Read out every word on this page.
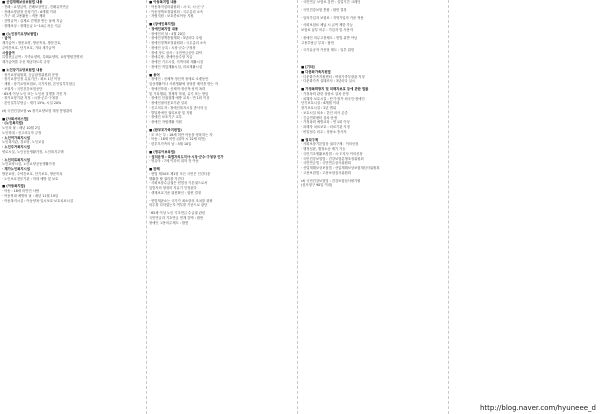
■ 산업재해보상보험법 내용
· 진폐 : 요양급여, 진폐보상연금, 진폐유족연금
· 진폐요양판정 신청기간 : 6개월 이내
· 가구 내 고용활동 : 적용 제외
· 간병급여 : 실제로 간병을 받는 날에 지급
· 장해보상 : 장해등급 1~14급 차등 지급
■ (노인장기요양보험법)
· 급여
재가급여 : 방문요양, 방문목욕, 방문간호,
주야간보호, 단기보호, 기타 재가급여
시설급여
특별현금급여 : 가족요양비, 특례요양비, 요양병원간병비
재가급여를 우선 제공하도록 규정
■ 노인장기요양보험법 내용
· 장기요양위원회, 등급판정위원회 운영
· 장기요양인정 유효기간 : 최소 1년 이상
· 재원 : 장기요양보험료, 국가지원, 본인일부부담금
· 보험자 : 국민건강보험공단
· 65세 이상 노인 또는 노인성 질병을 가진 자
· 장기요양기관 지정 : 시장·군수·구청장
· 본인일부부담금 : 재가 15%, 시설 20%
cf) 국민건강보험 vs 장기요양보험 재정 통합관리
■ [사회서비스법]
· (노인복지법)
노인의 날 : 매년 10월 2일
노인학대 : 신고의무자 규정
· 노인여가복지시설
노인복지관, 경로당, 노인교실
· 노인주거복지시설
양로시설, 노인공동생활가정, 노인복지주택
· 노인의료복지시설
노인요양시설, 노인요양공동생활가정
· 재가노인복지시설
방문요양, 주야간보호, 단기보호, 방문목욕
· 노인보호전문기관 : 학대 예방 및 보호
■ (아동복지법)
· 아동 : 18세 미만인 사람
· 아동학대 예방의 날 : 매년 11월 19일
· 아동복지시설 : 아동양육·일시보호·보호치료시설
■ 아동복지법 내용
· 아동복지심의위원회 : 시·도, 시·군·구
· 아동정책조정위원회 : 국무총리 소속
· 자립지원 : 보호종료아동 지원
■ (장애인복지법)
· 장애인복지법 내용
· 장애인의 날 : 4월 20일
· 장애인정책종합계획 : 5년마다 수립
· 장애인정책조정위원회 : 국무총리 소속
· 장애인 등록 : 시장·군수·구청장
· 장애 정도 심사 : 국민연금공단 위탁
· 장애수당, 장애아동수당 지급
· 장애인 거주시설, 지역사회 재활시설
· 장애인 직업재활시설, 의료재활시설
■ 용어
· 장애인 : 신체적·정신적 장애로 오랫동안
일상생활이나 사회생활에 상당한 제약을 받는 자
· 장애인학대 : 신체적·정신적·성적 폭력
및 가혹행위, 경제적 착취, 유기 또는 방임
· 장애인 인권침해 예방 교육 : 연 1회 이상
· 장애인권익옹호기관 설치
· 신고의무자 : 장애인복지시설 종사자 등
· 발달장애인 권리보장 및 지원
· 장애인 보조기구 교부
· 장애인 자립생활 지원
■ (한부모가족지원법)
· 모 또는 부 : 18세 미만 아동을 양육하는 자
· 아동 : 18세 미만 (취학 시 22세 미만)
· 한부모가족의 날 : 5월 10일
■ (영유아보육법)
· 설치운영 : 특별자치도지사·시장·군수·구청장 인가
· 영유아 : 7세 이하의 취학 전 아동
■ 판례
· 헌법 제34조 제1항 모든 국민은 인간다운
생활을 할 권리를 가진다
· 사회보장수급권은 헌법상 기본권으로서
입법자의 형성의 자유가 인정된다
· 생계보호기준 위헌확인 : 합헌 결정
· 헌법재판소는 국가가 최소한의 조치를 취할
의무를 다하였는지 여부를 기준으로 판단
· 65세 이상 노인 기초연금 수급권 관련
국민연금과 기초연금 연계 감액 : 합헌
장애인 고용의무제도 : 합헌
· 국민연금 보험료 감면 : 실업기간 크레딧
· 국민건강보험 통합 : 합헌 결정
· 임의가입자 보험료 : 지역가입자 기준 적용
· 사회보험료 체납 시 급여 제한 가능
보험료 납부 의무 : 가입자 및 사용자
· 장애인 의무고용제도 : 헌법 위반 아님
고용부담금 부과 : 합헌
· 국가유공자 가산점 제도 : 일부 위헌
■ [기타]
■ 다문화가족지원법
· 다문화가족지원센터 : 여성가족부장관 지정
· 다문화가족 실태조사 : 3년마다 실시
■ 가정폭력방지 및 피해자보호 등에 관한 법률
· 가정폭력 관련 상담소 설치·운영
· 피해자 보호시설 : 단기·장기·외국인·장애인
단기보호시설 : 6개월 이내
장기보호시설 : 2년 범위
· 보호시설 퇴소 : 본인 의사 존중
· 긴급전화센터 설치·운영
· 가정폭력 예방교육 : 연 1회 이상
· 피해자 치료보호 : 의료기관 지정
· 비밀엄수 의무 : 상담소 종사자
■ 권리구제
· 사회보장기본법상 권리구제 : 이의신청
· 행정심판, 행정소송 제기 가능
· 국민기초생활보장법 : 시·도지사 이의신청
· 국민건강보험법 : 건강보험분쟁조정위원회
· 국민연금법 : 국민연금심사위원회
· 산업재해보상보험법 : 산업재해보상보험재심사위원회
· 고용보험법 : 고용보험심사위원회
cf) 국민건강보험법 : 건강보험심사평가원
(심사청구 90일 이내)
http://blog.naver.com/hyuneee_d
